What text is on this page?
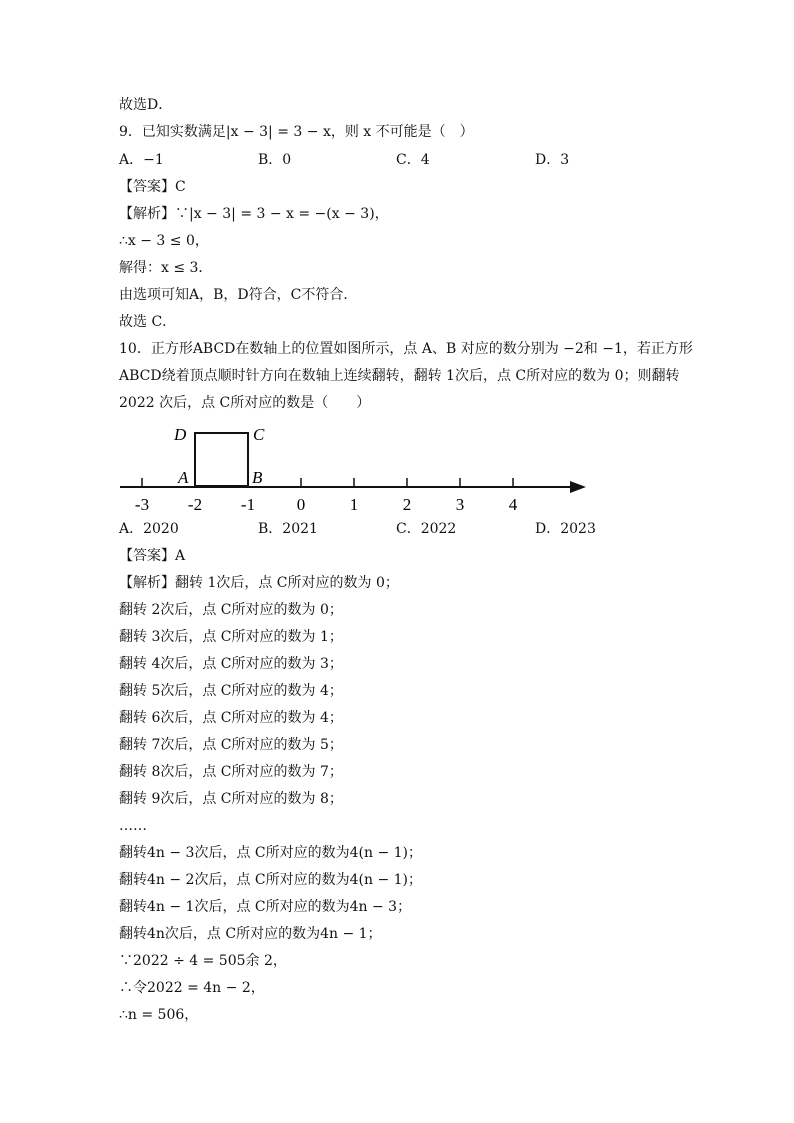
故选D．
9．已知实数满足|x − 3| = 3 − x，则 x 不可能是（　）
A．−1	B．0	C．4	D．3
【答案】C
【解析】∵|x − 3| = 3 − x = −(x − 3)，
∴x − 3 ≤ 0，
解得：x ≤ 3．
由选项可知A，B，D符合，C不符合．
故选 C．
10．正方形ABCD在数轴上的位置如图所示，点 A、B 对应的数分别为 −2和 −1，若正方形
ABCD绕着顶点顺时针方向在数轴上连续翻转，翻转 1次后，点 C所对应的数为 0；则翻转
2022 次后，点 C所对应的数是（　　）
D	C
A	B
-3 -2 -1 0	1	2	3	4
A．2020	B．2021	C．2022	D．2023
【答案】A
【解析】翻转 1次后，点 C所对应的数为 0；
翻转 2次后，点 C所对应的数为 0；
翻转 3次后，点 C所对应的数为 1；
翻转 4次后，点 C所对应的数为 3；
翻转 5次后，点 C所对应的数为 4；
翻转 6次后，点 C所对应的数为 4；
翻转 7次后，点 C所对应的数为 5；
翻转 8次后，点 C所对应的数为 7；
翻转 9次后，点 C所对应的数为 8；
……
翻转4n − 3次后，点 C所对应的数为4(n − 1)；
翻转4n − 2次后，点 C所对应的数为4(n − 1)；
翻转4n − 1次后，点 C所对应的数为4n − 3；
翻转4n次后，点 C所对应的数为4n − 1；
∵2022 ÷ 4 = 505余 2，
∴令2022 = 4n − 2，
∴n = 506，
